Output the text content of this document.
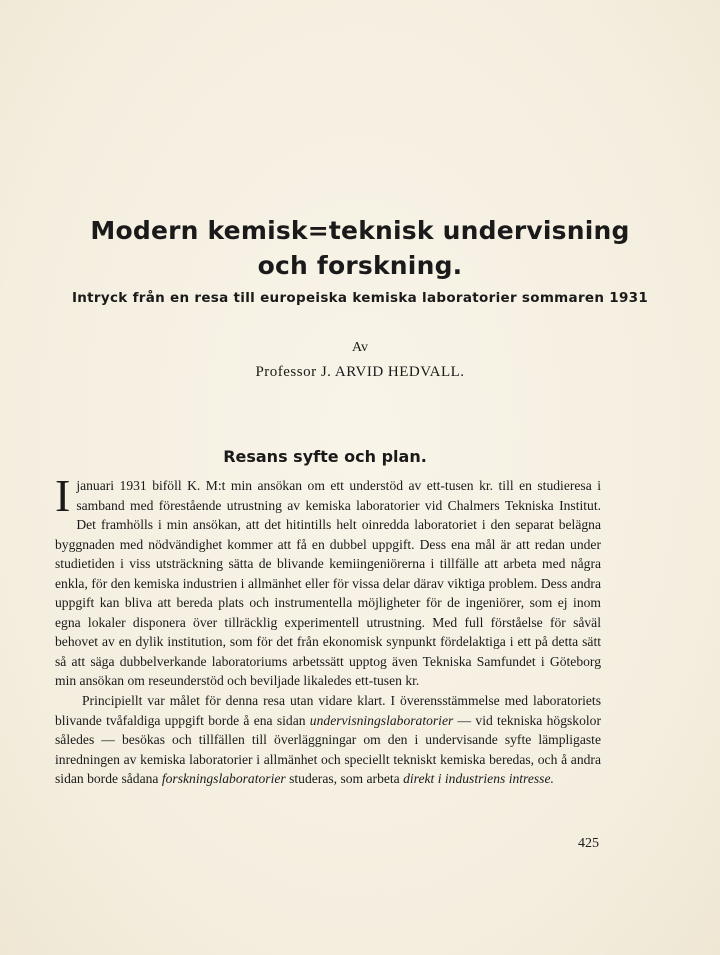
Modern kemisk=teknisk undervisning
och forskning.
Intryck från en resa till europeiska kemiska laboratorier sommaren 1931
Av
Professor J. ARVID HEDVALL.
Resans syfte och plan.

I januari 1931 biföll K. M:t min ansökan om ett understöd av ett-tusen kr. till en studieresa i samband med förestående utrustning av kemiska laboratorier vid Chalmers Tekniska Institut. Det framhölls i min ansökan, att det hitintills helt oinredda laboratoriet i den separat belägna byggnaden med nödvändighet kommer att få en dubbel uppgift. Dess ena mål är att redan under studietiden i viss utsträckning sätta de blivande kemiingeniörerna i tillfälle att arbeta med några enkla, för den kemiska industrien i allmänhet eller för vissa delar därav viktiga problem. Dess andra uppgift kan bliva att bereda plats och instrumentella möjligheter för de ingeniörer, som ej inom egna lokaler disponera över tillräcklig experimentell utrustning. Med full förståelse för såväl behovet av en dylik institution, som för det från ekonomisk synpunkt fördelaktiga i ett på detta sätt så att säga dubbelverkande laboratoriums arbetssätt upptog även Tekniska Samfundet i Göteborg min ansökan om reseunderstöd och beviljade likaledes ett-tusen kr.

Principiellt var målet för denna resa utan vidare klart. I överensstämmelse med laboratoriets blivande tvåfaldiga uppgift borde å ena sidan undervisningslaboratorier — vid tekniska högskolor således — besökas och tillfällen till överläggningar om den i undervisande syfte lämpligaste inredningen av kemiska laboratorier i allmänhet och speciellt tekniskt kemiska beredas, och å andra sidan borde sådana forskningslaboratorier studeras, som arbeta direkt i industriens intresse.

425
